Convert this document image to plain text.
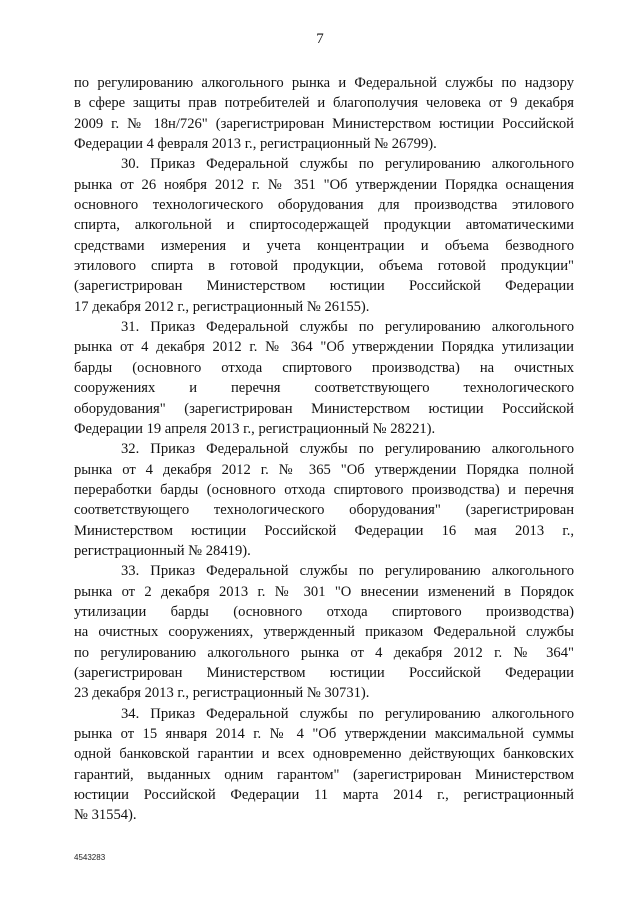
7

по регулированию алкогольного рынка и Федеральной службы по надзору
в сфере защиты прав потребителей и благополучия человека от 9 декабря
2009 г. № 18н/726" (зарегистрирован Министерством юстиции Российской
Федерации 4 февраля 2013 г., регистрационный № 26799).

30. Приказ Федеральной службы по регулированию алкогольного
рынка от 26 ноября 2012 г. № 351 "Об утверждении Порядка оснащения
основного технологического оборудования для производства этилового
спирта, алкогольной и спиртосодержащей продукции автоматическими
средствами измерения и учета концентрации и объема безводного
этилового спирта в готовой продукции, объема готовой продукции"
(зарегистрирован Министерством юстиции Российской Федерации
17 декабря 2012 г., регистрационный № 26155).

31. Приказ Федеральной службы по регулированию алкогольного
рынка от 4 декабря 2012 г. № 364 "Об утверждении Порядка утилизации
барды (основного отхода спиртового производства) на очистных
сооружениях и перечня соответствующего технологического
оборудования" (зарегистрирован Министерством юстиции Российской
Федерации 19 апреля 2013 г., регистрационный № 28221).

32. Приказ Федеральной службы по регулированию алкогольного
рынка от 4 декабря 2012 г. № 365 "Об утверждении Порядка полной
переработки барды (основного отхода спиртового производства) и перечня
соответствующего технологического оборудования" (зарегистрирован
Министерством юстиции Российской Федерации 16 мая 2013 г.,
регистрационный № 28419).

33. Приказ Федеральной службы по регулированию алкогольного
рынка от 2 декабря 2013 г. № 301 "О внесении изменений в Порядок
утилизации барды (основного отхода спиртового производства)
на очистных сооружениях, утвержденный приказом Федеральной службы
по регулированию алкогольного рынка от 4 декабря 2012 г. № 364"
(зарегистрирован Министерством юстиции Российской Федерации
23 декабря 2013 г., регистрационный № 30731).

34. Приказ Федеральной службы по регулированию алкогольного
рынка от 15 января 2014 г. № 4 "Об утверждении максимальной суммы
одной банковской гарантии и всех одновременно действующих банковских
гарантий, выданных одним гарантом" (зарегистрирован Министерством
юстиции Российской Федерации 11 марта 2014 г., регистрационный
№ 31554).

4543283
